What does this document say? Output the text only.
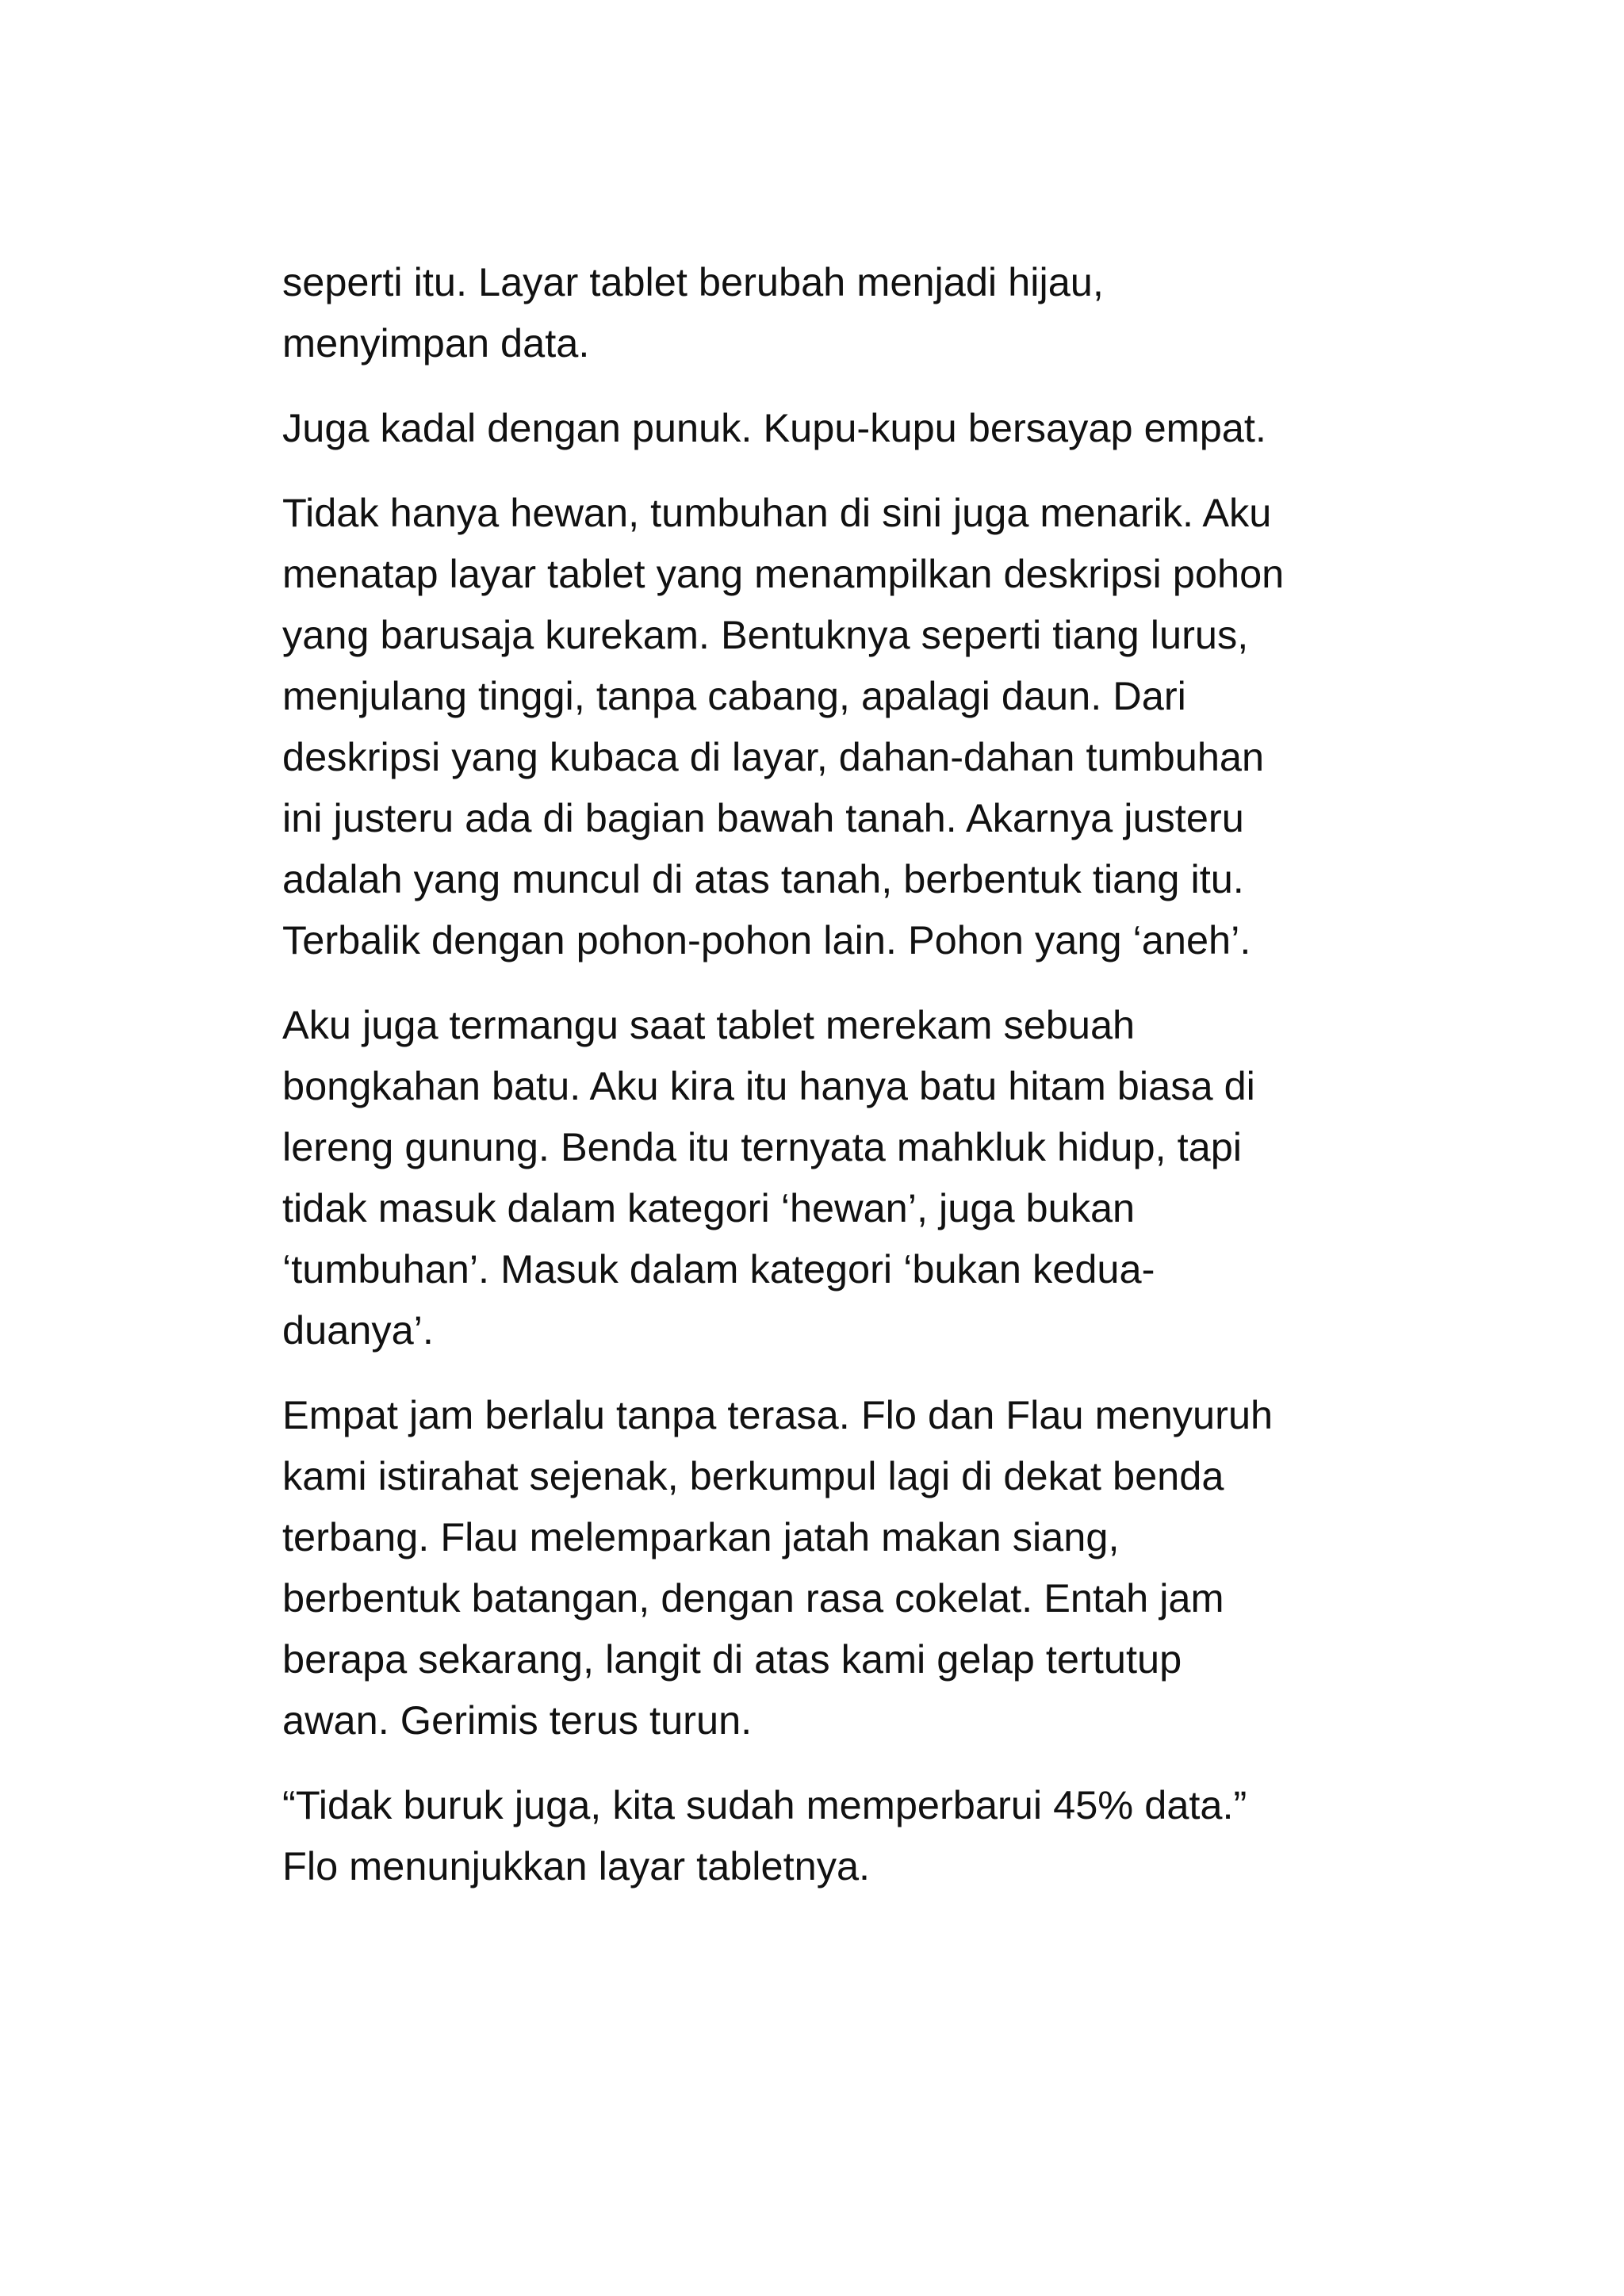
seperti itu. Layar tablet berubah menjadi hijau,
menyimpan data.

Juga kadal dengan punuk. Kupu-kupu bersayap empat.

Tidak hanya hewan, tumbuhan di sini juga menarik. Aku
menatap layar tablet yang menampilkan deskripsi pohon
yang barusaja kurekam. Bentuknya seperti tiang lurus,
menjulang tinggi, tanpa cabang, apalagi daun. Dari
deskripsi yang kubaca di layar, dahan-dahan tumbuhan
ini justeru ada di bagian bawah tanah. Akarnya justeru
adalah yang muncul di atas tanah, berbentuk tiang itu.
Terbalik dengan pohon-pohon lain. Pohon yang ‘aneh’.

Aku juga termangu saat tablet merekam sebuah
bongkahan batu. Aku kira itu hanya batu hitam biasa di
lereng gunung. Benda itu ternyata mahkluk hidup, tapi
tidak masuk dalam kategori ‘hewan’, juga bukan
‘tumbuhan’. Masuk dalam kategori ‘bukan kedua-
duanya’.

Empat jam berlalu tanpa terasa. Flo dan Flau menyuruh
kami istirahat sejenak, berkumpul lagi di dekat benda
terbang. Flau melemparkan jatah makan siang,
berbentuk batangan, dengan rasa cokelat. Entah jam
berapa sekarang, langit di atas kami gelap tertutup
awan. Gerimis terus turun.

“Tidak buruk juga, kita sudah memperbarui 45% data.”
Flo menunjukkan layar tabletnya.
